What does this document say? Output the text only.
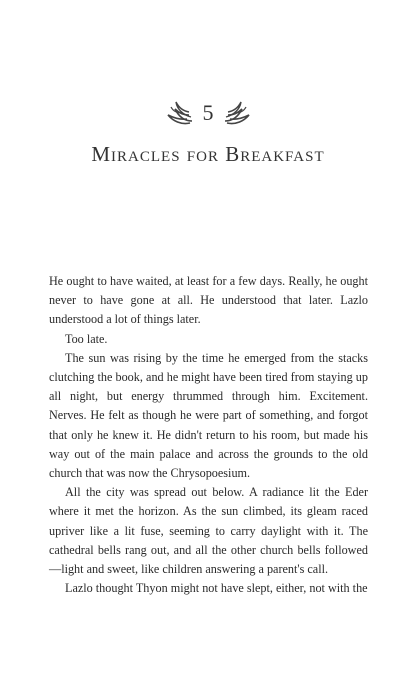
5
Miracles for Breakfast

He ought to have waited, at least for a few days. Really, he ought never to have gone at all. He understood that later. Lazlo understood a lot of things later.

Too late.

The sun was rising by the time he emerged from the stacks clutching the book, and he might have been tired from staying up all night, but energy thrummed through him. Excitement. Nerves. He felt as though he were part of something, and forgot that only he knew it. He didn't return to his room, but made his way out of the main palace and across the grounds to the old church that was now the Chrysopoesium.

All the city was spread out below. A radiance lit the Eder where it met the horizon. As the sun climbed, its gleam raced upriver like a lit fuse, seeming to carry daylight with it. The cathedral bells rang out, and all the other church bells followed—light and sweet, like children answering a parent's call.

Lazlo thought Thyon might not have slept, either, not with the
